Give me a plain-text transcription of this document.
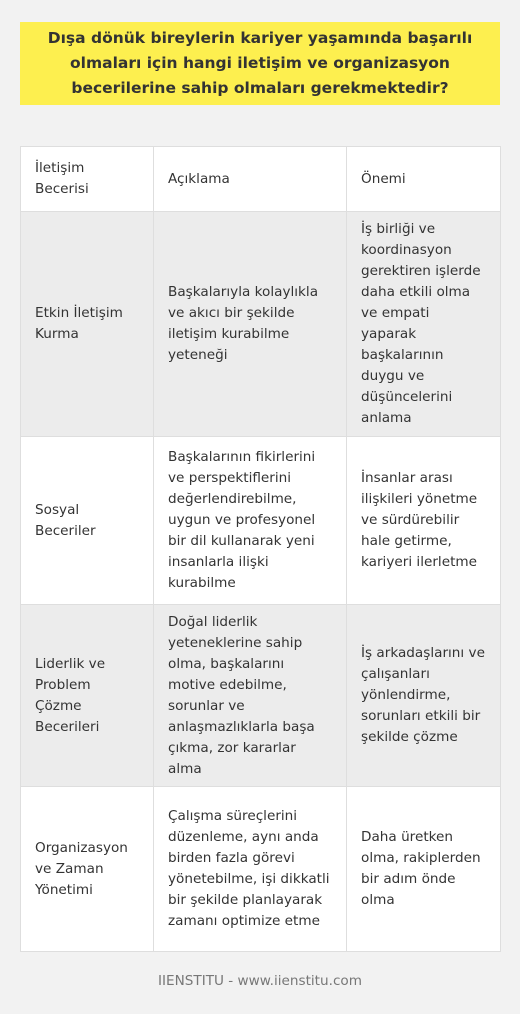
Dışa dönük bireylerin kariyer yaşamında başarılı olmaları için hangi iletişim ve organizasyon becerilerine sahip olmaları gerekmektedir?
İletişim Becerisi	Açıklama	Önemi
Etkin İletişim Kurma	Başkalarıyla kolaylıkla ve akıcı bir şekilde iletişim kurabilme yeteneği	İş birliği ve koordinasyon gerektiren işlerde daha etkili olma ve empati yaparak başkalarının duygu ve düşüncelerini anlama
Sosyal Beceriler	Başkalarının fikirlerini ve perspektiflerini değerlendirebilme, uygun ve profesyonel bir dil kullanarak yeni insanlarla ilişki kurabilme	İnsanlar arası ilişkileri yönetme ve sürdürebilir hale getirme, kariyeri ilerletme
Liderlik ve Problem Çözme Becerileri	Doğal liderlik yeteneklerine sahip olma, başkalarını motive edebilme, sorunlar ve anlaşmazlıklarla başa çıkma, zor kararlar alma	İş arkadaşlarını ve çalışanları yönlendirme, sorunları etkili bir şekilde çözme
Organizasyon ve Zaman Yönetimi	Çalışma süreçlerini düzenleme, aynı anda birden fazla görevi yönetebilme, işi dikkatli bir şekilde planlayarak zamanı optimize etme	Daha üretken olma, rakiplerden bir adım önde olma
IIENSTITU - www.iienstitu.com
